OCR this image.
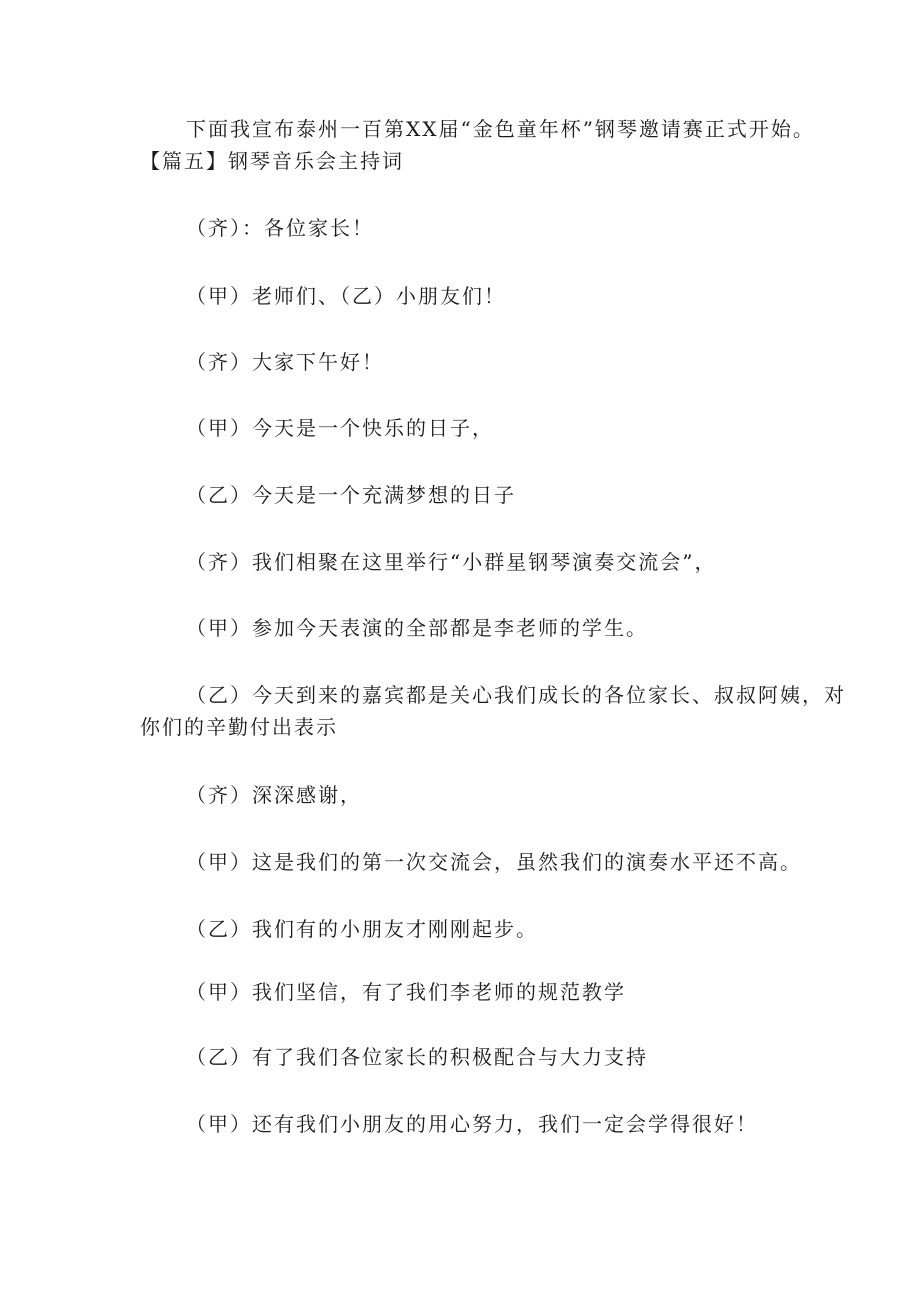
下面我宣布泰州一百第XX届“金色童年杯”钢琴邀请赛正式开始。
【篇五】钢琴音乐会主持词
（齐）：各位家长！
（甲）老师们、（乙）小朋友们！
（齐）大家下午好！
（甲）今天是一个快乐的日子，
（乙）今天是一个充满梦想的日子
（齐）我们相聚在这里举行“小群星钢琴演奏交流会”，
（甲）参加今天表演的全部都是李老师的学生。
（乙）今天到来的嘉宾都是关心我们成长的各位家长、叔叔阿姨，对
你们的辛勤付出表示
（齐）深深感谢，
（甲）这是我们的第一次交流会，虽然我们的演奏水平还不高。
（乙）我们有的小朋友才刚刚起步。
（甲）我们坚信，有了我们李老师的规范教学
（乙）有了我们各位家长的积极配合与大力支持
（甲）还有我们小朋友的用心努力，我们一定会学得很好！
